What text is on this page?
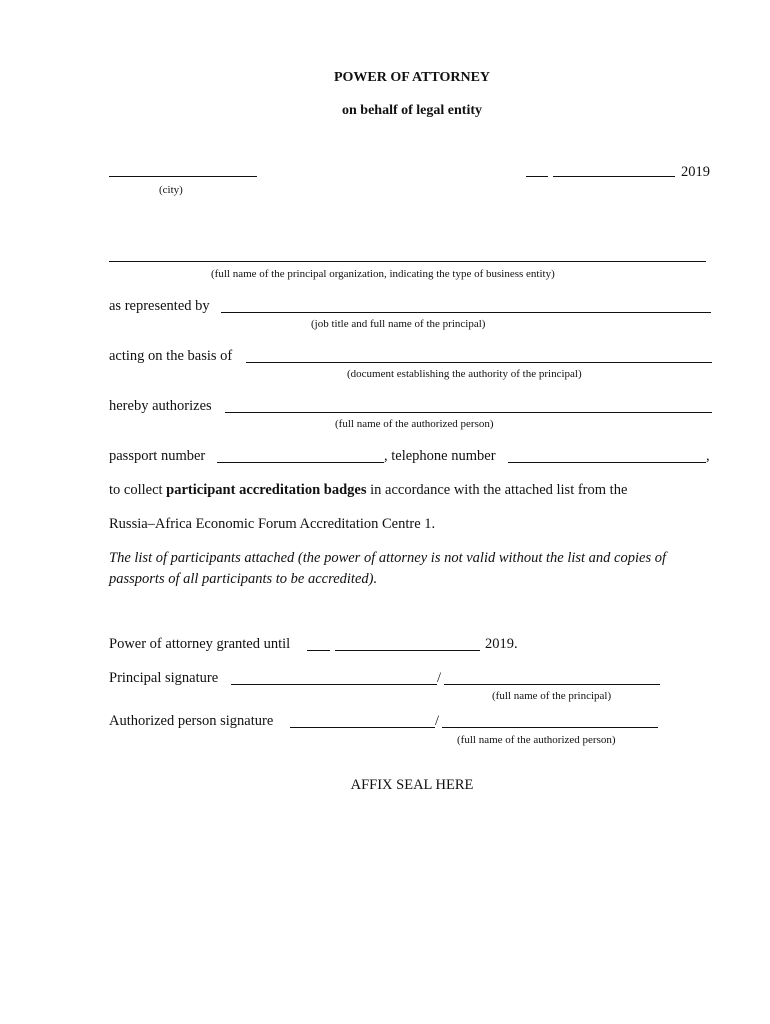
POWER OF ATTORNEY
on behalf of legal entity
(city)
2019
(full name of the principal organization, indicating the type of business entity)
as represented by
(job title and full name of the principal)
acting on the basis of
(document establishing the authority of the principal)
hereby authorizes
(full name of the authorized person)
passport number	, telephone number	,
to collect participant accreditation badges in accordance with the attached list from the
Russia–Africa Economic Forum Accreditation Centre 1.
The list of participants attached (the power of attorney is not valid without the list and copies of passports of all participants to be accredited).
Power of attorney granted until	2019.
Principal signature	/
(full name of the principal)
Authorized person signature	/
(full name of the authorized person)
AFFIX SEAL HERE
